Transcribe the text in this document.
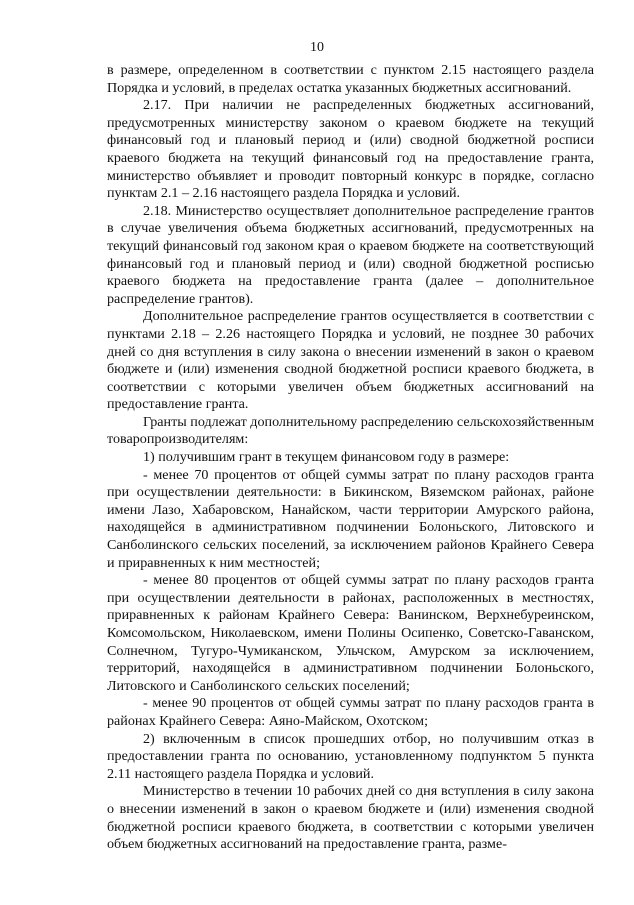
10

в размере, определенном в соответствии с пунктом 2.15 настоящего раздела Порядка и условий, в пределах остатка указанных бюджетных ассигнований.

2.17. При наличии не распределенных бюджетных ассигнований, предусмотренных министерству законом о краевом бюджете на текущий финансовый год и плановый период и (или) сводной бюджетной росписи краевого бюджета на текущий финансовый год на предоставление гранта, министерство объявляет и проводит повторный конкурс в порядке, согласно пунктам 2.1 – 2.16 настоящего раздела Порядка и условий.

2.18. Министерство осуществляет дополнительное распределение грантов в случае увеличения объема бюджетных ассигнований, предусмотренных на текущий финансовый год законом края о краевом бюджете на соответствующий финансовый год и плановый период и (или) сводной бюджетной росписью краевого бюджета на предоставление гранта (далее – дополнительное распределение грантов).

Дополнительное распределение грантов осуществляется в соответствии с пунктами 2.18 – 2.26 настоящего Порядка и условий, не позднее 30 рабочих дней со дня вступления в силу закона о внесении изменений в закон о краевом бюджете и (или) изменения сводной бюджетной росписи краевого бюджета, в соответствии с которыми увеличен объем бюджетных ассигнований на предоставление гранта.

Гранты подлежат дополнительному распределению сельскохозяйственным товаропроизводителям:

1) получившим грант в текущем финансовом году в размере:

- менее 70 процентов от общей суммы затрат по плану расходов гранта при осуществлении деятельности: в Бикинском, Вяземском районах, районе имени Лазо, Хабаровском, Нанайском, части территории Амурского района, находящейся в административном подчинении Болоньского, Литовского и Санболинского сельских поселений, за исключением районов Крайнего Севера и приравненных к ним местностей;

- менее 80 процентов от общей суммы затрат по плану расходов гранта при осуществлении деятельности в районах, расположенных в местностях, приравненных к районам Крайнего Севера: Ванинском, Верхнебуреинском, Комсомольском, Николаевском, имени Полины Осипенко, Советско-Гаванском, Солнечном, Тугуро-Чумиканском, Ульчском, Амурском за исключением, территорий, находящейся в административном подчинении Болоньского, Литовского и Санболинского сельских поселений;

- менее 90 процентов от общей суммы затрат по плану расходов гранта в районах Крайнего Севера: Аяно-Майском, Охотском;

2) включенным в список прошедших отбор, но получившим отказ в предоставлении гранта по основанию, установленному подпунктом 5 пункта 2.11 настоящего раздела Порядка и условий.

Министерство в течении 10 рабочих дней со дня вступления в силу закона о внесении изменений в закон о краевом бюджете и (или) изменения сводной бюджетной росписи краевого бюджета, в соответствии с которыми увеличен объем бюджетных ассигнований на предоставление гранта, разме-
